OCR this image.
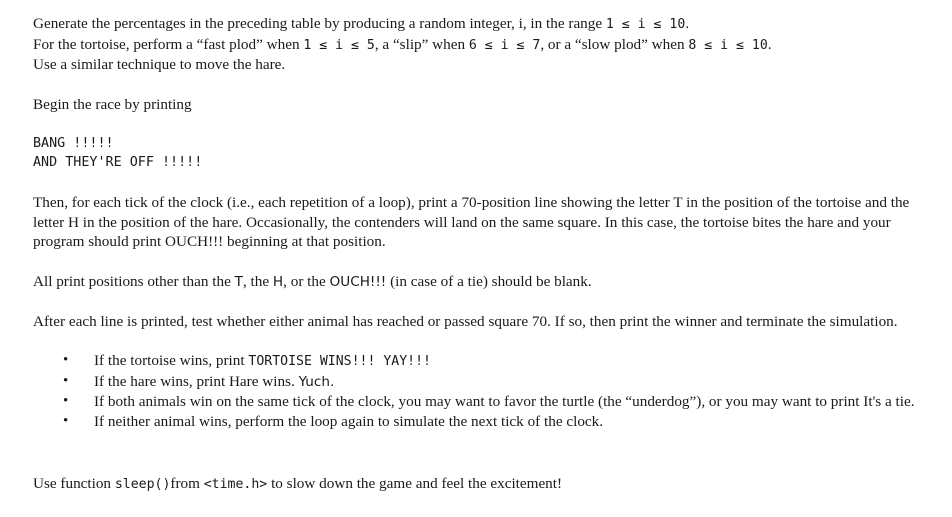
Generate the percentages in the preceding table by producing a random integer, i, in the range 1 ≤ i ≤ 10.
For the tortoise, perform a “fast plod” when 1 ≤ i ≤ 5, a “slip” when 6 ≤ i ≤ 7, or a “slow plod” when 8 ≤ i ≤ 10.
Use a similar technique to move the hare.

Begin the race by printing

BANG !!!!!

AND THEY'RE OFF !!!!!

Then, for each tick of the clock (i.e., each repetition of a loop), print a 70-position line showing the letter T in the position of the tortoise and the letter H in the position of the hare. Occasionally, the contenders will land on the same square. In this case, the tortoise bites the hare and your program should print OUCH!!! beginning at that position.

All print positions other than the T, the H, or the OUCH!!! (in case of a tie) should be blank.

After each line is printed, test whether either animal has reached or passed square 70. If so, then print the winner and terminate the simulation.

• If the tortoise wins, print TORTOISE WINS!!! YAY!!!
• If the hare wins, print Hare wins. Yuch.
• If both animals win on the same tick of the clock, you may want to favor the turtle (the “underdog”), or you may want to print It's a tie.
• If neither animal wins, perform the loop again to simulate the next tick of the clock.

Use function sleep()from <time.h> to slow down the game and feel the excitement!
